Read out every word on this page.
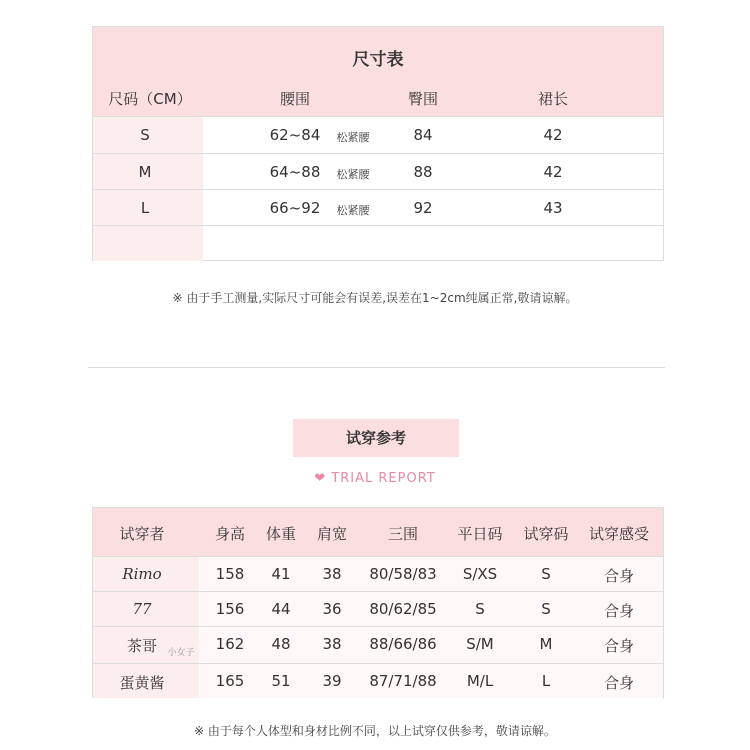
尺寸表
尺码（CM）	腰围	臀围	裙长
S	62~84 松紧腰	84	42
M	64~88 松紧腰	88	42
L	66~92 松紧腰	92	43
※ 由于手工测量,实际尺寸可能会有误差,误差在1~2cm纯属正常,敬请谅解。
试穿参考
❤ TRIAL REPORT
试穿者	身高 体重 肩宽	三围	平日码 试穿码 试穿感受
Rimo	158 41 38 80/58/83 S/XS	S	合身
77	156 44 36 80/62/85	S	S	合身
茶哥	162 48 38 88/66/86 S/M	M	合身
小女子
蛋黄酱	165 51 39 87/71/88 M/L	L	合身
※ 由于每个人体型和身材比例不同，以上试穿仅供参考，敬请谅解。
